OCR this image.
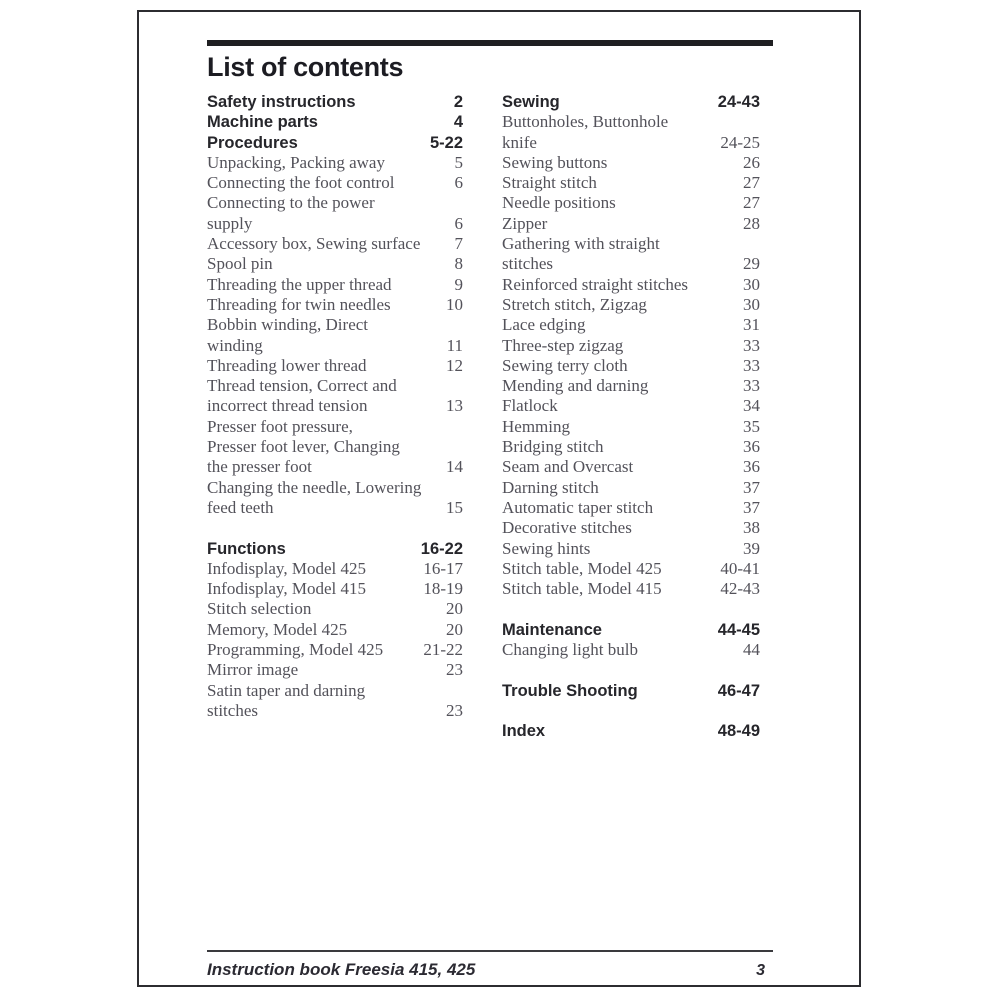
List of contents
Safety instructions	2
Machine parts	4
Procedures	5-22
Unpacking, Packing away	5
Connecting the foot control	6
Connecting to the power
supply	6
Accessory box, Sewing surface 7
Spool pin	8
Threading the upper thread	9
Threading for twin needles	10
Bobbin winding, Direct
winding	11
Threading lower thread	12
Thread tension, Correct and
incorrect thread tension	13
Presser foot pressure,
Presser foot lever, Changing
the presser foot	14
Changing the needle, Lowering
feed teeth	15
Functions	16-22
Infodisplay, Model 425	16-17
Infodisplay, Model 415	18-19
Stitch selection	20
Memory, Model 425	20
Programming, Model 425 21-22
Mirror image	23
Satin taper and darning
stitches	23
Sewing	24-43
Buttonholes, Buttonhole
knife	24-25
Sewing buttons	26
Straight stitch	27
Needle positions	27
Zipper	28
Gathering with straight
stitches	29
Reinforced straight stitches	30
Stretch stitch, Zigzag	30
Lace edging	31
Three-step zigzag	33
Sewing terry cloth	33
Mending and darning	33
Flatlock	34
Hemming	35
Bridging stitch	36
Seam and Overcast	36
Darning stitch	37
Automatic taper stitch	37
Decorative stitches	38
Sewing hints	39
Stitch table, Model 425	40-41
Stitch table, Model 415	42-43
Maintenance	44-45
Changing light bulb	44
Trouble Shooting	46-47
Index	48-49
Instruction book Freesia 415, 425	3
